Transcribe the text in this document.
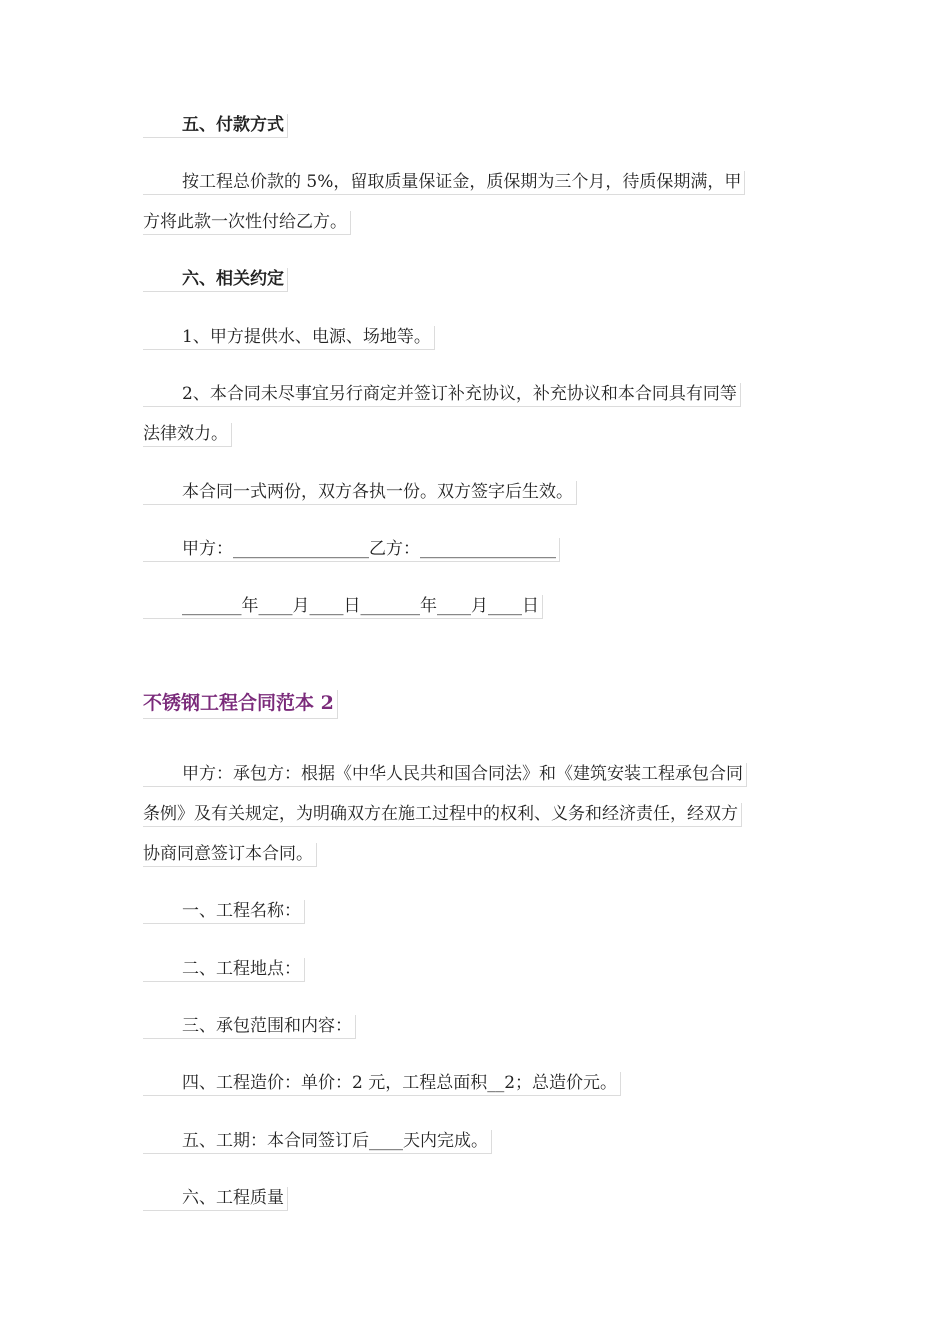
五、付款方式
按工程总价款的 5%，留取质量保证金，质保期为三个月，待质保期满，甲
方将此款一次性付给乙方。
六、相关约定
1、甲方提供水、电源、场地等。
2、本合同未尽事宜另行商定并签订补充协议，补充协议和本合同具有同等
法律效力。
本合同一式两份，双方各执一份。双方签字后生效。
甲方：________________乙方：________________
_______年____月____日_______年____月____日
不锈钢工程合同范本 2
甲方：承包方：根据《中华人民共和国合同法》和《建筑安装工程承包合同
条例》及有关规定，为明确双方在施工过程中的权利、义务和经济责任，经双方
协商同意签订本合同。
一、工程名称：
二、工程地点：
三、承包范围和内容：
四、工程造价：单价：2 元，工程总面积__2；总造价元。
五、工期：本合同签订后____天内完成。
六、工程质量
